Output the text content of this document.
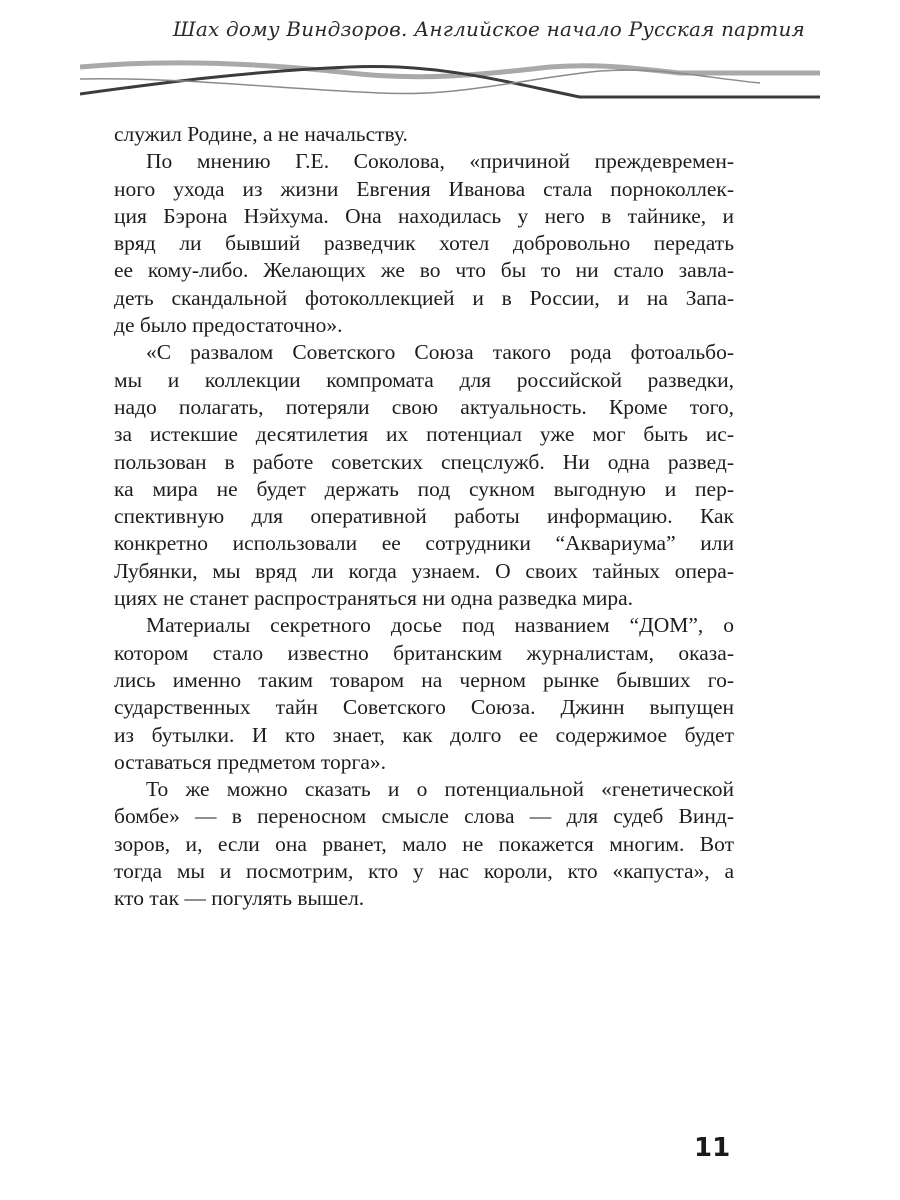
Шах дому Виндзоров. Английское начало Русская партия
служил Родине, а не начальству.
По мнению Г.Е. Соколова, «причиной преждевремен-
ного ухода из жизни Евгения Иванова стала порноколлек-
ция Бэрона Нэйхума. Она находилась у него в тайнике, и
вряд ли бывший разведчик хотел добровольно передать
ее кому-либо. Желающих же во что бы то ни стало завла-
деть скандальной фотоколлекцией и в России, и на Запа-
де было предостаточно».
«С развалом Советского Союза такого рода фотоальбо-
мы и коллекции компромата для российской разведки,
надо полагать, потеряли свою актуальность. Кроме того,
за истекшие десятилетия их потенциал уже мог быть ис-
пользован в работе советских спецслужб. Ни одна развед-
ка мира не будет держать под сукном выгодную и пер-
спективную для оперативной работы информацию. Как
конкретно использовали ее сотрудники “Аквариума” или
Лубянки, мы вряд ли когда узнаем. О своих тайных опера-
циях не станет распространяться ни одна разведка мира.
Материалы секретного досье под названием “ДОМ”, о
котором стало известно британским журналистам, оказа-
лись именно таким товаром на черном рынке бывших го-
сударственных тайн Советского Союза. Джинн выпущен
из бутылки. И кто знает, как долго ее содержимое будет
оставаться предметом торга».
То же можно сказать и о потенциальной «генетической
бомбе» — в переносном смысле слова — для судеб Винд-
зоров, и, если она рванет, мало не покажется многим. Вот
тогда мы и посмотрим, кто у нас короли, кто «капуста», а
кто так — погулять вышел.
11
